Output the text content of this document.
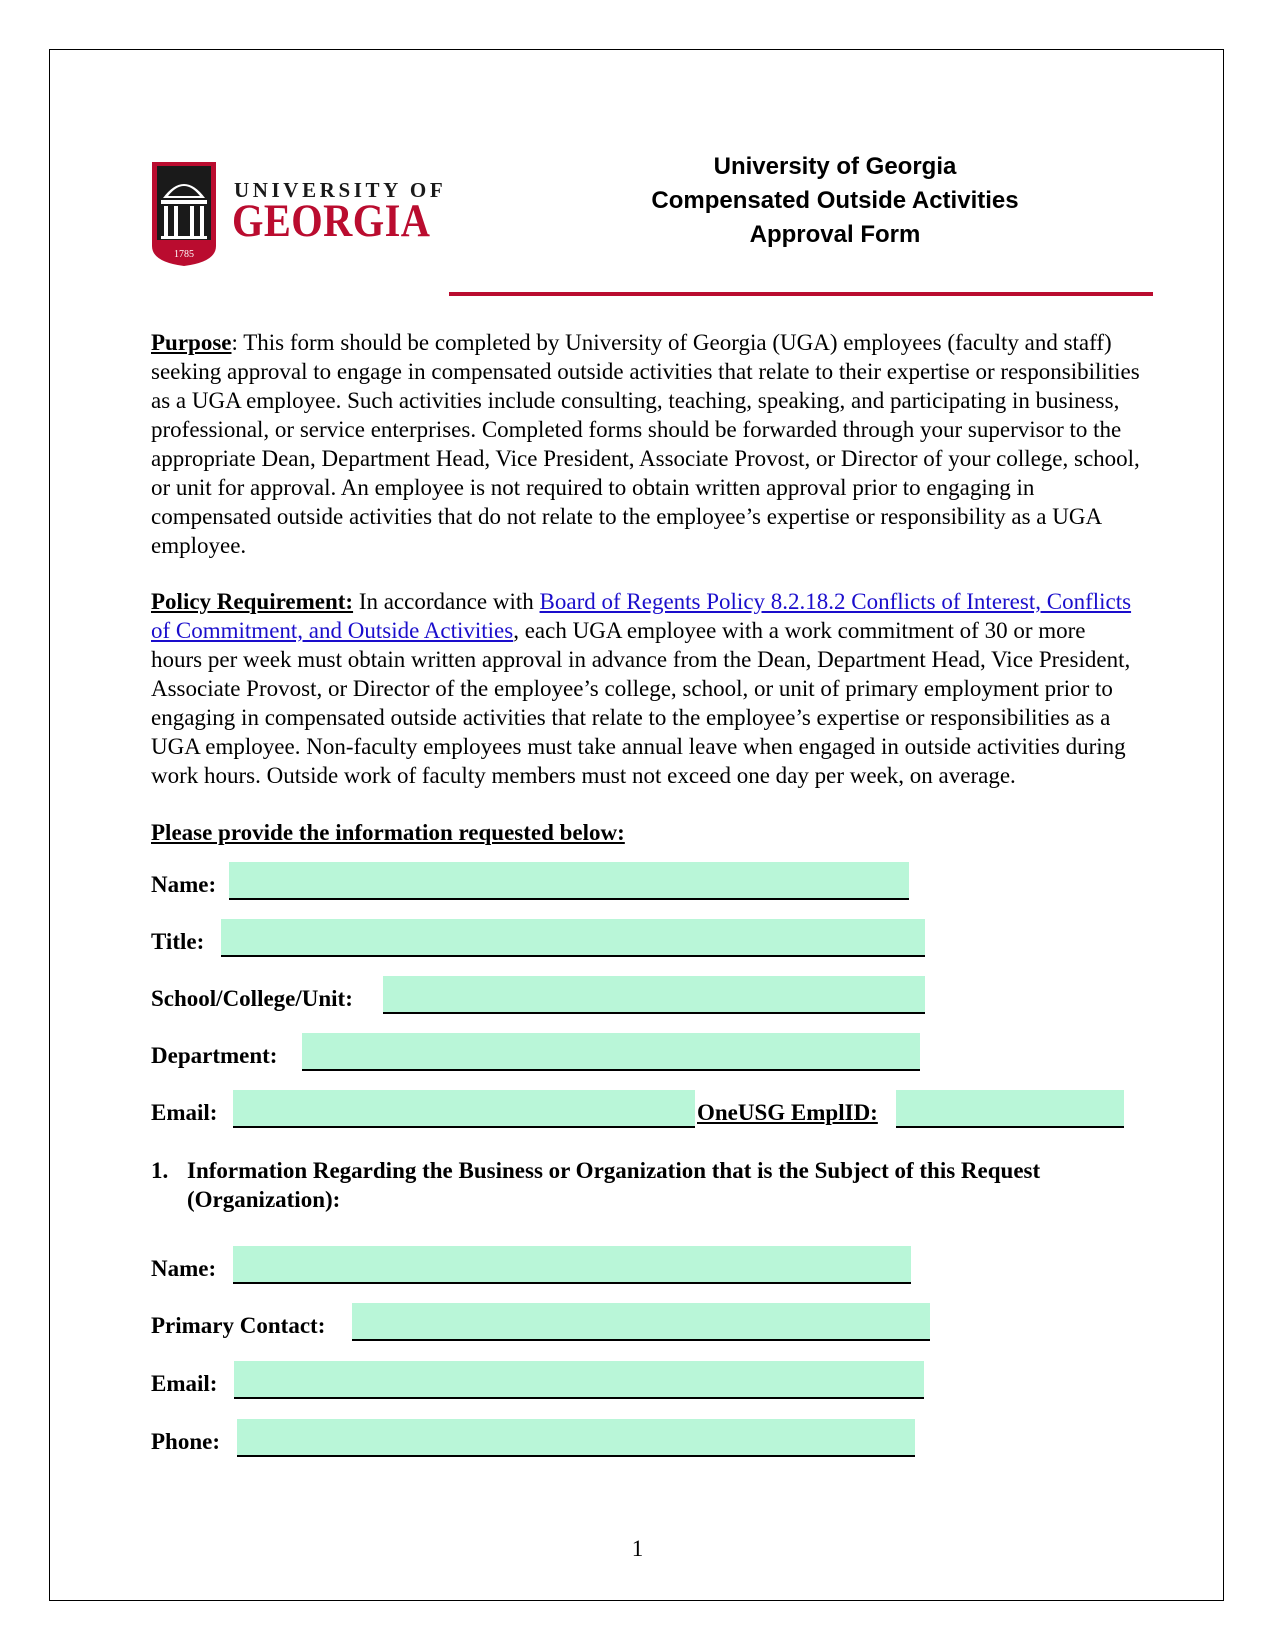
1785
UNIVERSITY OF
GEORGIA
University of Georgia
Compensated Outside Activities
Approval Form
Purpose: This form should be completed by University of Georgia (UGA) employees (faculty and staff) seeking approval to engage in compensated outside activities that relate to their expertise or responsibilities as a UGA employee. Such activities include consulting, teaching, speaking, and participating in business, professional, or service enterprises. Completed forms should be forwarded through your supervisor to the appropriate Dean, Department Head, Vice President, Associate Provost, or Director of your college, school, or unit for approval. An employee is not required to obtain written approval prior to engaging in compensated outside activities that do not relate to the employee’s expertise or responsibility as a UGA employee.
Policy Requirement: In accordance with Board of Regents Policy 8.2.18.2 Conflicts of Interest, Conflicts of Commitment, and Outside Activities, each UGA employee with a work commitment of 30 or more hours per week must obtain written approval in advance from the Dean, Department Head, Vice President, Associate Provost, or Director of the employee’s college, school, or unit of primary employment prior to engaging in compensated outside activities that relate to the employee’s expertise or responsibilities as a UGA employee. Non-faculty employees must take annual leave when engaged in outside activities during work hours. Outside work of faculty members must not exceed one day per week, on average.
Please provide the information requested below:
Name:
Title:
School/College/Unit:
Department:
Email:	OneUSG EmplID:
1. Information Regarding the Business or Organization that is the Subject of this Request (Organization):
Name:
Primary Contact:
Email:
Phone:
1
